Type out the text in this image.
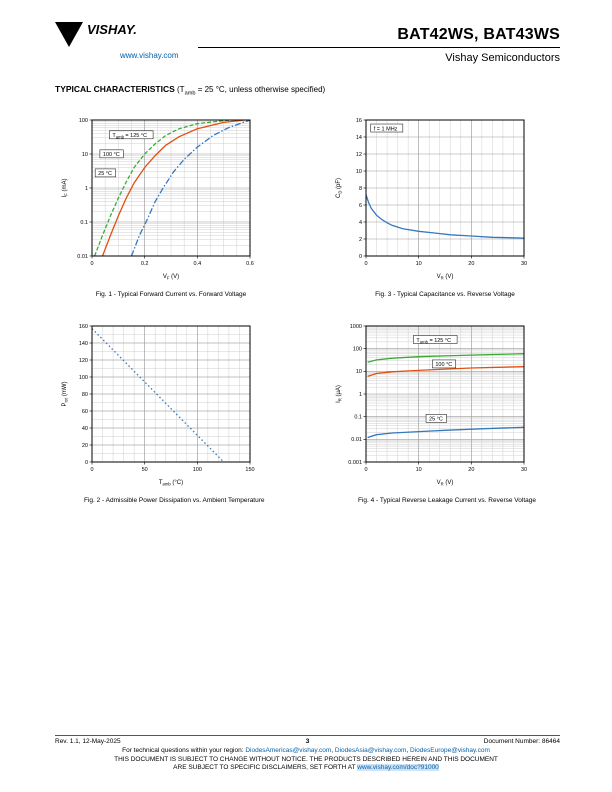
VISHAY.
www.vishay.com
BAT42WS, BAT43WS
Vishay Semiconductors
TYPICAL CHARACTERISTICS ($T_{amb} = 25$ °C, unless otherwise specified)
0	0.2	0.4	0.6
0.01
0.1
1
10
100
$V_F$ (V)
$I_F$ (mA)
$T_{amb} = 125$ °C
100 °C
25 °C
Fig. 1 - Typical Forward Current vs. Forward Voltage
0	10	20	30
0
2
4
6
8
10
12
14
16
$V_R$ (V)
$C_D$ (pF)
f = 1 MHz
Fig. 3 - Typical Capacitance vs. Reverse Voltage
0	50	100	150
0
20
40
60
80
100
120
140
160
$T_{amb}$ (°C)
$P_{tot}$ (mW)
Fig. 2 - Admissible Power Dissipation vs. Ambient Temperature
0	10	20	30
0.001
0.01
0.1
1
10
100
1000
$V_R$ (V)
$I_R$ (µA)
$T_{amb} = 125$ °C
100 °C
25 °C
Fig. 4 - Typical Reverse Leakage Current vs. Reverse Voltage
Rev. 1.1, 12-May-2025	3	Document Number: 86464
For technical questions within your region: DiodesAmericas@vishay.com, DiodesAsia@vishay.com, DiodesEurope@vishay.com
THIS DOCUMENT IS SUBJECT TO CHANGE WITHOUT NOTICE. THE PRODUCTS DESCRIBED HEREIN AND THIS DOCUMENT
ARE SUBJECT TO SPECIFIC DISCLAIMERS, SET FORTH AT www.vishay.com/doc?91000
